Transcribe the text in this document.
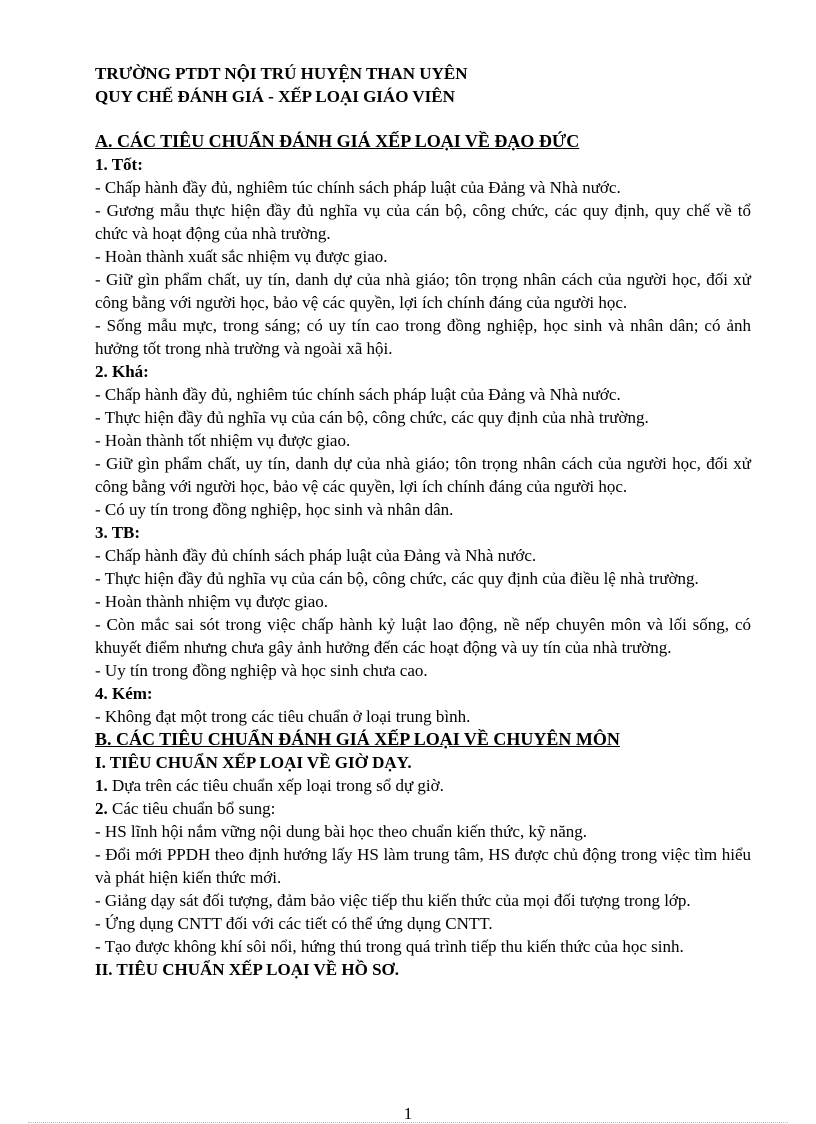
TRƯỜNG PTDT NỘI TRÚ HUYỆN THAN UYÊN
QUY CHẾ ĐÁNH GIÁ - XẾP LOẠI GIÁO VIÊN
A. CÁC TIÊU CHUẨN ĐÁNH GIÁ XẾP LOẠI VỀ ĐẠO ĐỨC
1. Tốt:
- Chấp hành đầy đủ, nghiêm túc chính sách pháp luật của Đảng và Nhà nước.
- Gương mẫu thực hiện đầy đủ nghĩa vụ của cán bộ, công chức, các quy định, quy chế về tổ chức và hoạt động của nhà trường.
- Hoàn thành xuất sắc nhiệm vụ được giao.
- Giữ gìn phẩm chất, uy tín, danh dự của nhà giáo; tôn trọng nhân cách của người học, đối xử công bằng với người học, bảo vệ các quyền, lợi ích chính đáng của người học.
- Sống mẫu mực, trong sáng; có uy tín cao trong đồng nghiệp, học sinh và nhân dân; có ảnh hưởng tốt trong nhà trường và ngoài xã hội.
2. Khá:
- Chấp hành đầy đủ, nghiêm túc chính sách pháp luật của Đảng và Nhà nước.
- Thực hiện đầy đủ nghĩa vụ của cán bộ, công chức, các quy định của nhà trường.
- Hoàn thành tốt nhiệm vụ được giao.
- Giữ gìn phẩm chất, uy tín, danh dự của nhà giáo; tôn trọng nhân cách của người học, đối xử công bằng với người học, bảo vệ các quyền, lợi ích chính đáng của người học.
- Có uy tín trong đồng nghiệp, học sinh và nhân dân.
3. TB:
- Chấp hành đầy đủ chính sách pháp luật của Đảng và Nhà nước.
- Thực hiện đầy đủ nghĩa vụ của cán bộ, công chức, các quy định của điều lệ nhà trường.
- Hoàn thành nhiệm vụ được giao.
- Còn mắc sai sót trong việc chấp hành kỷ luật lao động, nề nếp chuyên môn và lối sống, có khuyết điểm nhưng chưa gây ảnh hưởng đến các hoạt động và uy tín của nhà trường.
- Uy tín trong đồng nghiệp và học sinh chưa cao.
4. Kém:
- Không đạt một trong các tiêu chuẩn ở loại trung bình.
B. CÁC TIÊU CHUẨN ĐÁNH GIÁ XẾP LOẠI VỀ CHUYÊN MÔN
I. TIÊU CHUẨN XẾP LOẠI VỀ GIỜ DẠY.
1. Dựa trên các tiêu chuẩn xếp loại trong sổ dự giờ.
2. Các tiêu chuẩn bổ sung:
- HS lĩnh hội nắm vững nội dung bài học theo chuẩn kiến thức, kỹ năng.
- Đổi mới PPDH theo định hướng lấy HS làm trung tâm, HS được chủ động trong việc tìm hiểu và phát hiện kiến thức mới.
- Giảng dạy sát đối tượng, đảm bảo việc tiếp thu kiến thức của mọi đối tượng trong lớp.
- Ứng dụng CNTT đối với các tiết có thể ứng dụng CNTT.
- Tạo được không khí sôi nổi, hứng thú trong quá trình tiếp thu kiến thức của học sinh.
II. TIÊU CHUẨN XẾP LOẠI VỀ HỒ SƠ.
1
